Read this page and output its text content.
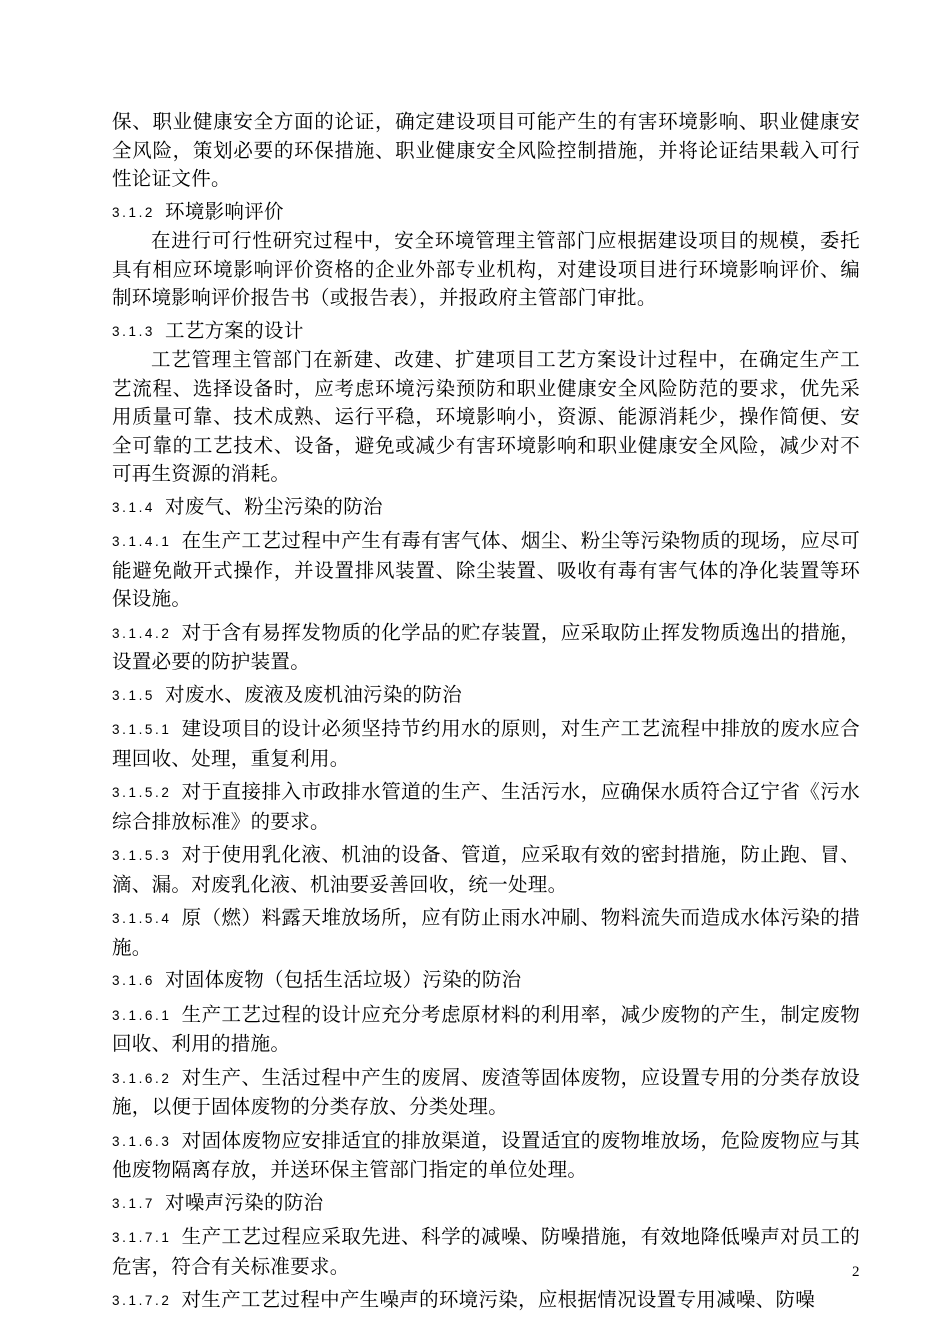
保、职业健康安全方面的论证，确定建设项目可能产生的有害环境影响、职业健康安全风险，策划必要的环保措施、职业健康安全风险控制措施，并将论证结果载入可行性论证文件。

3.1.2 环境影响评价

在进行可行性研究过程中，安全环境管理主管部门应根据建设项目的规模，委托具有相应环境影响评价资格的企业外部专业机构，对建设项目进行环境影响评价、编制环境影响评价报告书（或报告表），并报政府主管部门审批。

3.1.3 工艺方案的设计

工艺管理主管部门在新建、改建、扩建项目工艺方案设计过程中，在确定生产工艺流程、选择设备时，应考虑环境污染预防和职业健康安全风险防范的要求，优先采用质量可靠、技术成熟、运行平稳，环境影响小，资源、能源消耗少，操作简便、安全可靠的工艺技术、设备，避免或减少有害环境影响和职业健康安全风险，减少对不可再生资源的消耗。

3.1.4 对废气、粉尘污染的防治

3.1.4.1 在生产工艺过程中产生有毒有害气体、烟尘、粉尘等污染物质的现场，应尽可能避免敞开式操作，并设置排风装置、除尘装置、吸收有毒有害气体的净化装置等环保设施。

3.1.4.2 对于含有易挥发物质的化学品的贮存装置，应采取防止挥发物质逸出的措施，设置必要的防护装置。

3.1.5 对废水、废液及废机油污染的防治

3.1.5.1 建设项目的设计必须坚持节约用水的原则，对生产工艺流程中排放的废水应合理回收、处理，重复利用。

3.1.5.2 对于直接排入市政排水管道的生产、生活污水，应确保水质符合辽宁省《污水综合排放标准》的要求。

3.1.5.3 对于使用乳化液、机油的设备、管道，应采取有效的密封措施，防止跑、冒、滴、漏。对废乳化液、机油要妥善回收，统一处理。

3.1.5.4 原（燃）料露天堆放场所，应有防止雨水冲刷、物料流失而造成水体污染的措施。

3.1.6 对固体废物（包括生活垃圾）污染的防治

3.1.6.1 生产工艺过程的设计应充分考虑原材料的利用率，减少废物的产生，制定废物回收、利用的措施。

3.1.6.2 对生产、生活过程中产生的废屑、废渣等固体废物，应设置专用的分类存放设施，以便于固体废物的分类存放、分类处理。

3.1.6.3 对固体废物应安排适宜的排放渠道，设置适宜的废物堆放场，危险废物应与其他废物隔离存放，并送环保主管部门指定的单位处理。

3.1.7 对噪声污染的防治

3.1.7.1 生产工艺过程应采取先进、科学的减噪、防噪措施，有效地降低噪声对员工的危害，符合有关标准要求。

3.1.7.2 对生产工艺过程中产生噪声的环境污染，应根据情况设置专用减噪、防噪

2
